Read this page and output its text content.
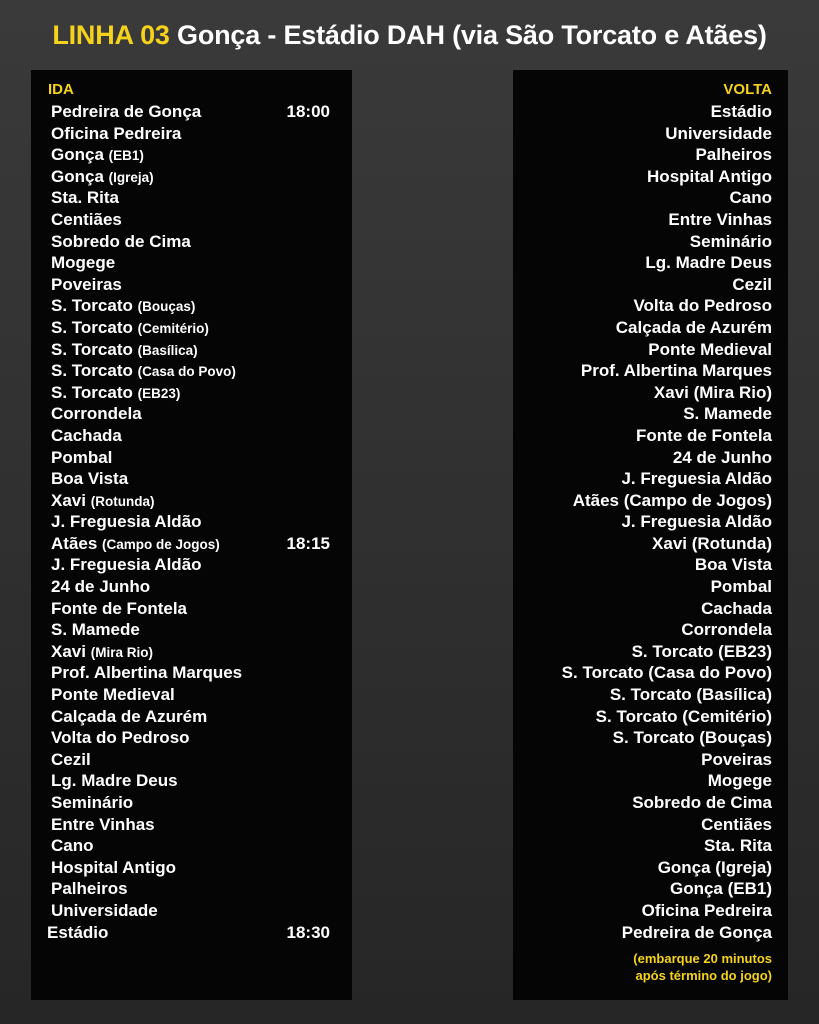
LINHA 03 Gonça - Estádio DAH (via São Torcato e Atães)
IDA
Pedreira de Gonça	18:00
Oficina Pedreira
Gonça (EB1)
Gonça (Igreja)
Sta. Rita
Centiães
Sobredo de Cima
Mogege
Poveiras
S. Torcato (Bouças)
S. Torcato (Cemitério)
S. Torcato (Basílica)
S. Torcato (Casa do Povo)
S. Torcato (EB23)
Corrondela
Cachada
Pombal
Boa Vista
Xavi (Rotunda)
J. Freguesia Aldão
Atães (Campo de Jogos)	18:15
J. Freguesia Aldão
24 de Junho
Fonte de Fontela
S. Mamede
Xavi (Mira Rio)
Prof. Albertina Marques
Ponte Medieval
Calçada de Azurém
Volta do Pedroso
Cezil
Lg. Madre Deus
Seminário
Entre Vinhas
Cano
Hospital Antigo
Palheiros
Universidade
Estádio	18:30
VOLTA
Estádio
Universidade
Palheiros
Hospital Antigo
Cano
Entre Vinhas
Seminário
Lg. Madre Deus
Cezil
Volta do Pedroso
Calçada de Azurém
Ponte Medieval
Prof. Albertina Marques
Xavi (Mira Rio)
S. Mamede
Fonte de Fontela
24 de Junho
J. Freguesia Aldão
Atães (Campo de Jogos)
J. Freguesia Aldão
Xavi (Rotunda)
Boa Vista
Pombal
Cachada
Corrondela
S. Torcato (EB23)
S. Torcato (Casa do Povo)
S. Torcato (Basílica)
S. Torcato (Cemitério)
S. Torcato (Bouças)
Poveiras
Mogege
Sobredo de Cima
Centiães
Sta. Rita
Gonça (Igreja)
Gonça (EB1)
Oficina Pedreira
Pedreira de Gonça
(embarque 20 minutos
após término do jogo)
